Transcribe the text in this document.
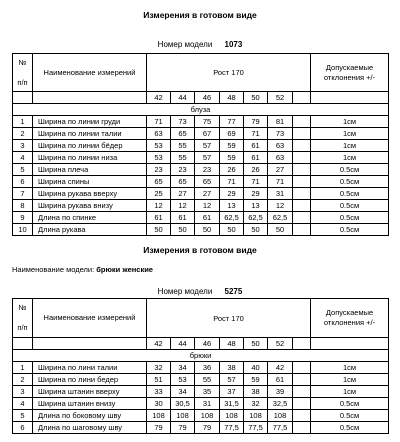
Измерения в готовом виде
Номер модели 1073
№

п/п	Наименование измерений	Рост 170							Допускаемые отклонения +/-
		42	44	46	48	50	52		
блуза									
1	Ширина по линии груди	71	73	75	77	79	81		1см
2	Ширина по линии талии	63	65	67	69	71	73		1см
3	Ширина по линии бёдер	53	55	57	59	61	63		1см
4	Ширина по линии низа	53	55	57	59	61	63		1см
5	Ширина плеча	23	23	23	26	26	27		0.5см
6	Ширина спины	65	65	65	71	71	71		0.5см
7	Ширина рукава вверху	25	27	27	29	29	31		0.5см
8	Ширина рукава внизу	12	12	12	13	13	12		0.5см
9	Длина по спинке	61	61	61	62,5	62,5	62,5		0.5см
10	Длина рукава	50	50	50	50	50	50		0.5см
Измерения в готовом виде
Наименование модели: брюки женские
Номер модели 5275
№

п/п	Наименование измерений	Рост 170							Допускаемые отклонения +/-
		42	44	46	48	50	52		
брюки									
1	Ширина по лини талии	32	34	36	38	40	42		1см
2	Ширина по лини бедер	51	53	55	57	59	61		1см
3	Ширина штанин вверху	33	34	35	37	38	39		1см
4	Ширина штанин внизу	30	30,5	31	31,5	32	32,5		0.5см
5	Длина по боковому шву	108	108	108	108	108	108		0.5см
6	Длина по шаговому шву	79	79	79	77,5	77,5	77,5		0.5см
